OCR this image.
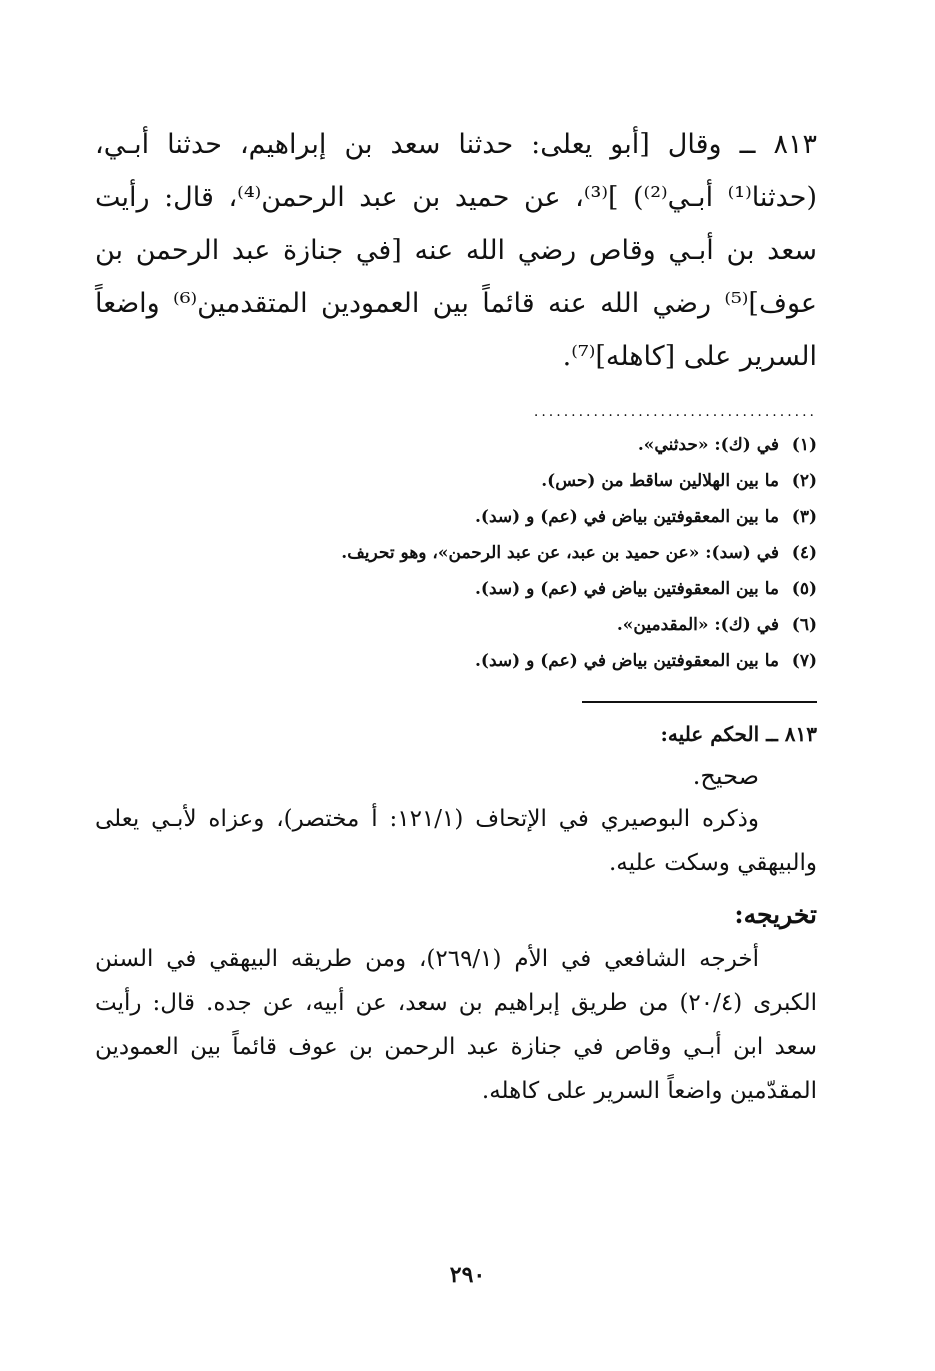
٨١٣ ــ وقال [أبو يعلى: حدثنا سعد بن إبراهيم، حدثنا أبـي، (حدثنا⁽¹⁾ أبـي⁽²⁾) ]⁽³⁾، عن حميد بن عبد الرحمن⁽⁴⁾، قال: رأيت سعد بن أبـي وقاص رضي الله عنه [في جنازة عبد الرحمن بن عوف]⁽⁵⁾ رضي الله عنه قائماً بين العمودين المتقدمين⁽⁶⁾ واضعاً السرير على [كاهله]⁽⁷⁾.

......................................
(١)في (ك): «حدثني».
(٢)ما بين الهلالين ساقط من (حس).
(٣)ما بين المعقوفتين بياض في (عم) و (سد).
(٤)في (سد): «عن حميد بن عبد، عن عبد الرحمن»، وهو تحريف.
(٥)ما بين المعقوفتين بياض في (عم) و (سد).
(٦)في (ك): «المقدمين».
(٧)ما بين المعقوفتين بياض في (عم) و (سد).
٨١٣ ــ الحكم عليه:
صحيح.

وذكره البوصيري في الإتحاف (١٢١/١: أ مختصر)، وعزاه لأبـي يعلى والبيهقي وسكت عليه.

تخريجه:

أخرجه الشافعي في الأم (٢٦٩/١)، ومن طريقه البيهقي في السنن الكبرى (٢٠/٤) من طريق إبراهيم بن سعد، عن أبيه، عن جده. قال: رأيت سعد ابن أبـي وقاص في جنازة عبد الرحمن بن عوف قائماً بين العمودين المقدّمين واضعاً السرير على كاهله.

٢٩٠
